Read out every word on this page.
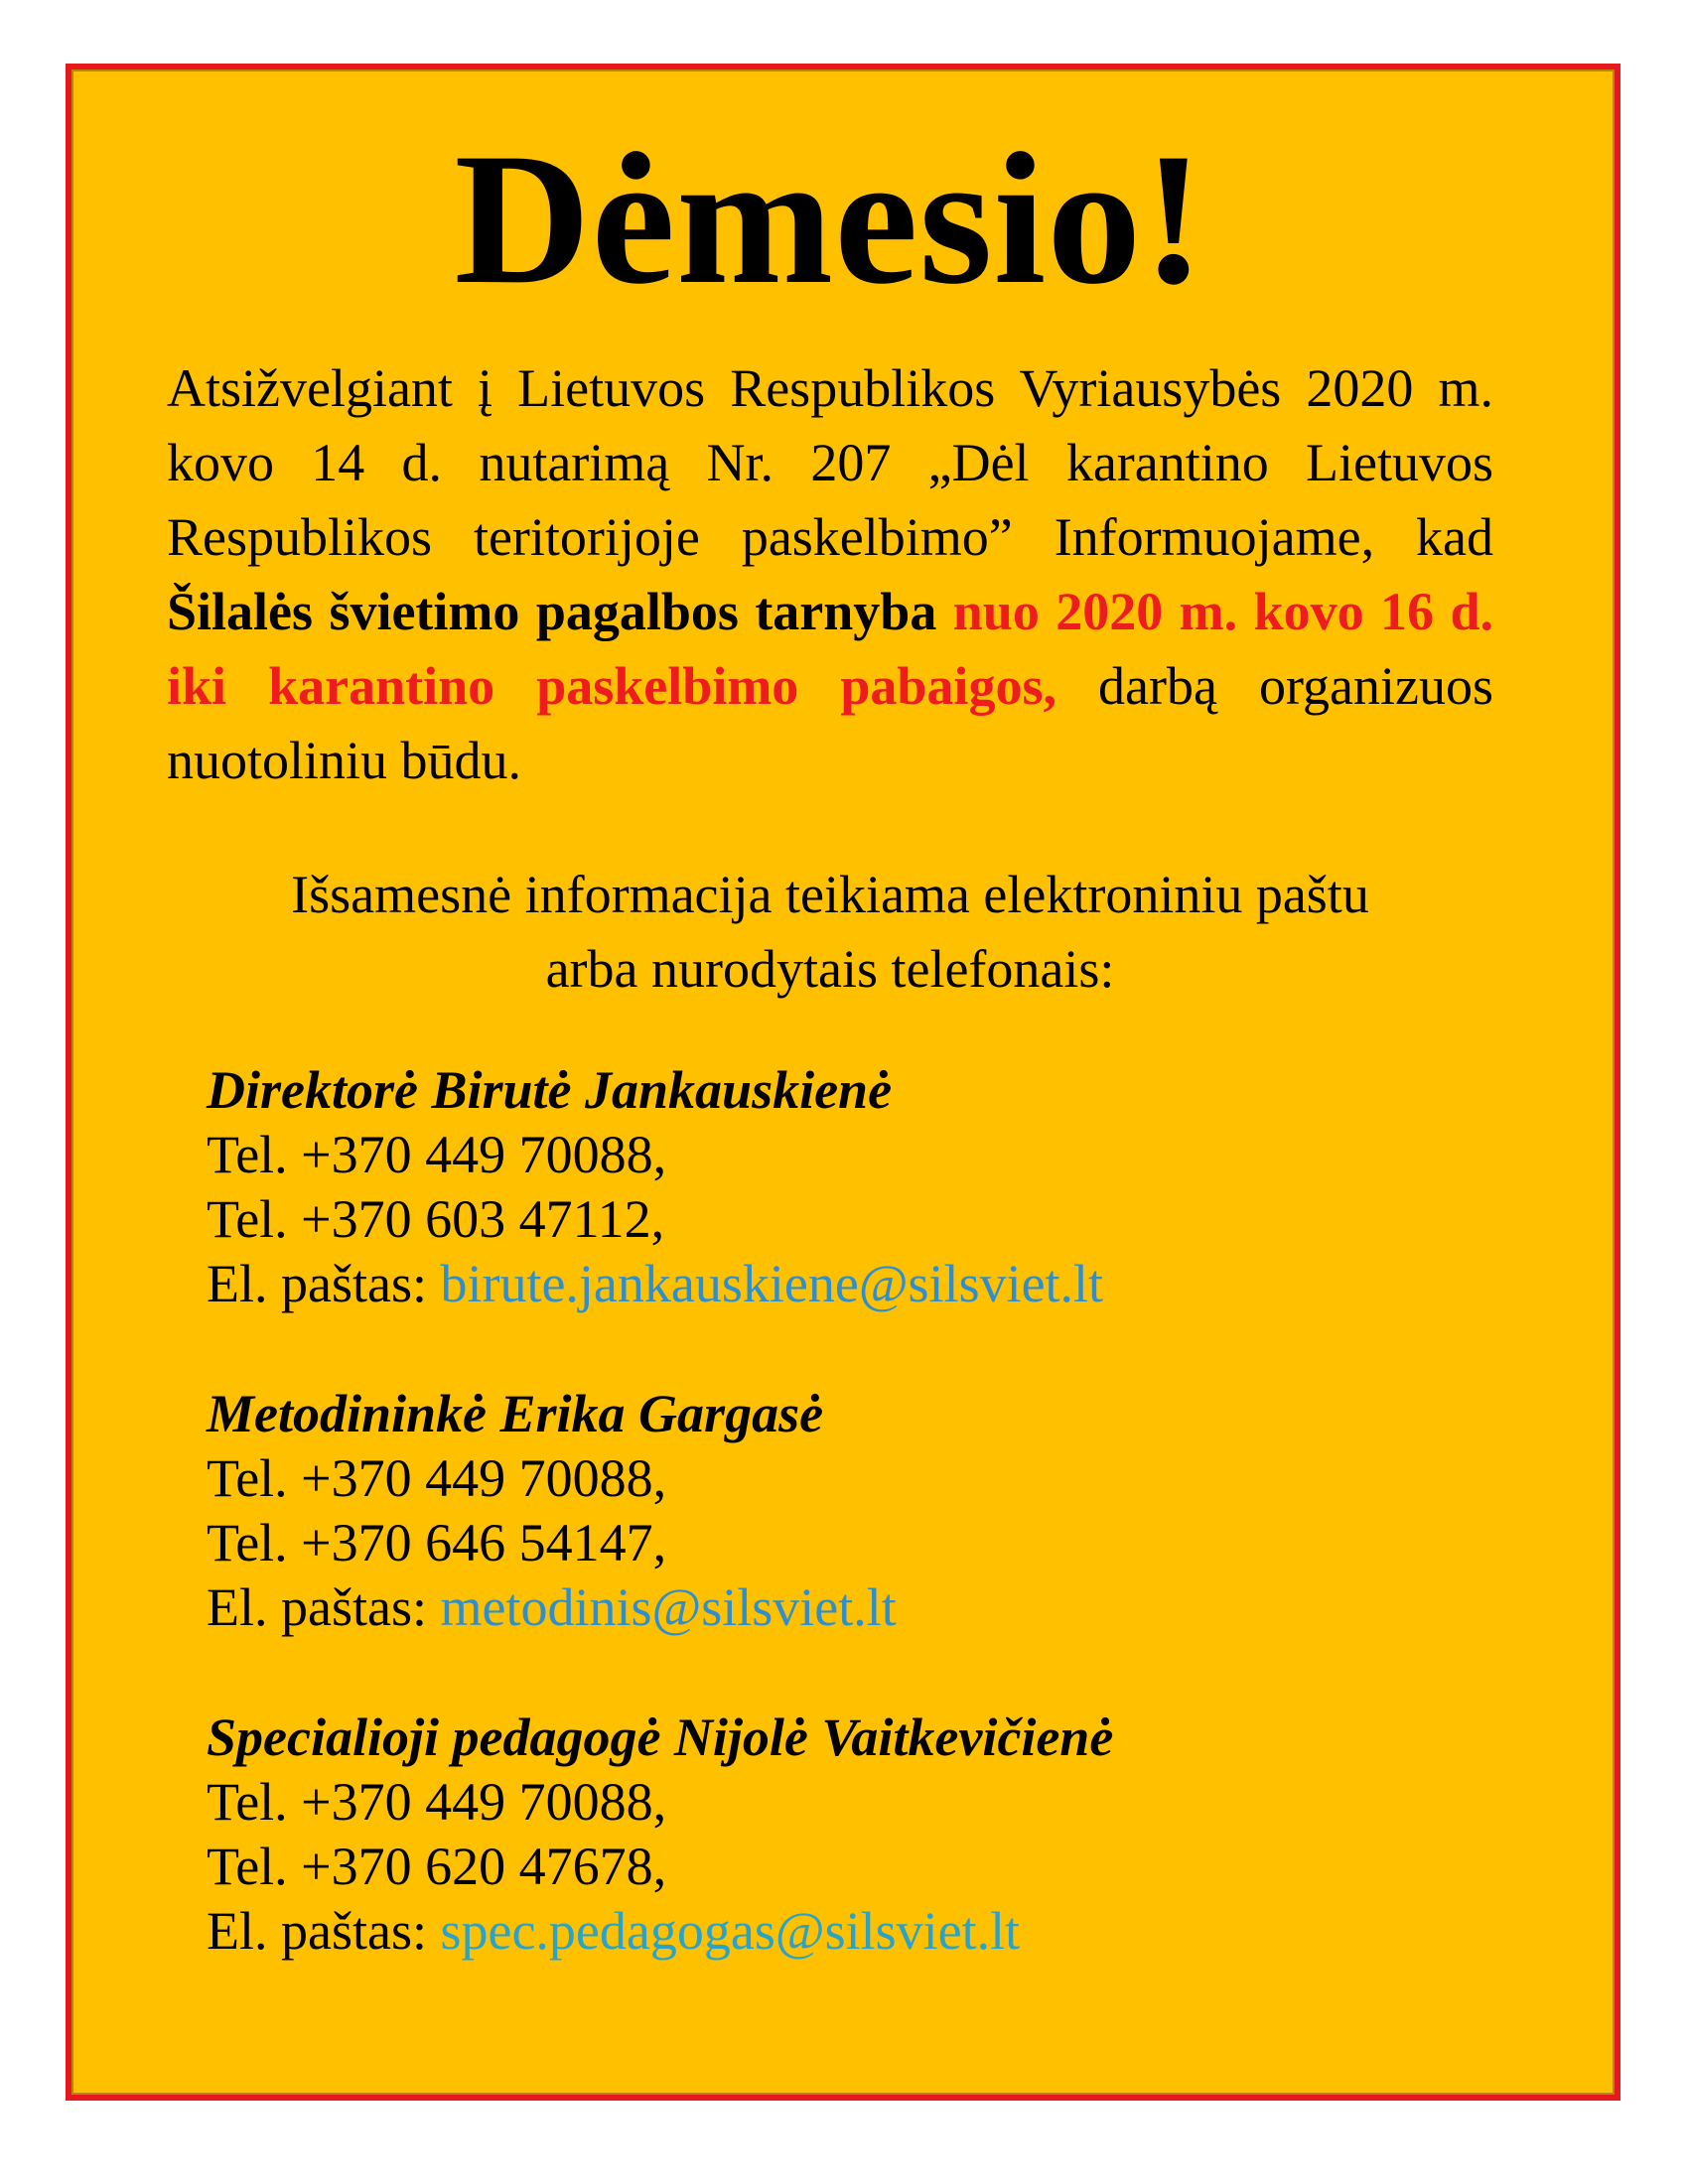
Dėmesio!

Atsižvelgiant į Lietuvos Respublikos Vyriausybės 2020 m. kovo 14 d. nutarimą Nr. 207 „Dėl karantino Lietuvos Respublikos teritorijoje paskelbimo” Informuojame, kad Šilalės švietimo pagalbos tarnyba nuo 2020 m. kovo 16 d. iki karantino paskelbimo pabaigos, darbą organizuos nuotoliniu būdu.

Išsamesnė informacija teikiama elektroniniu paštu
arba nurodytais telefonais:
Direktorė Birutė Jankauskienė
Tel. +370 449 70088,
Tel. +370 603 47112,
El. paštas: birute.jankauskiene@silsviet.lt
Metodininkė Erika Gargasė
Tel. +370 449 70088,
Tel. +370 646 54147,
El. paštas: metodinis@silsviet.lt
Specialioji pedagogė Nijolė Vaitkevičienė
Tel. +370 449 70088,
Tel. +370 620 47678,
El. paštas: spec.pedagogas@silsviet.lt
